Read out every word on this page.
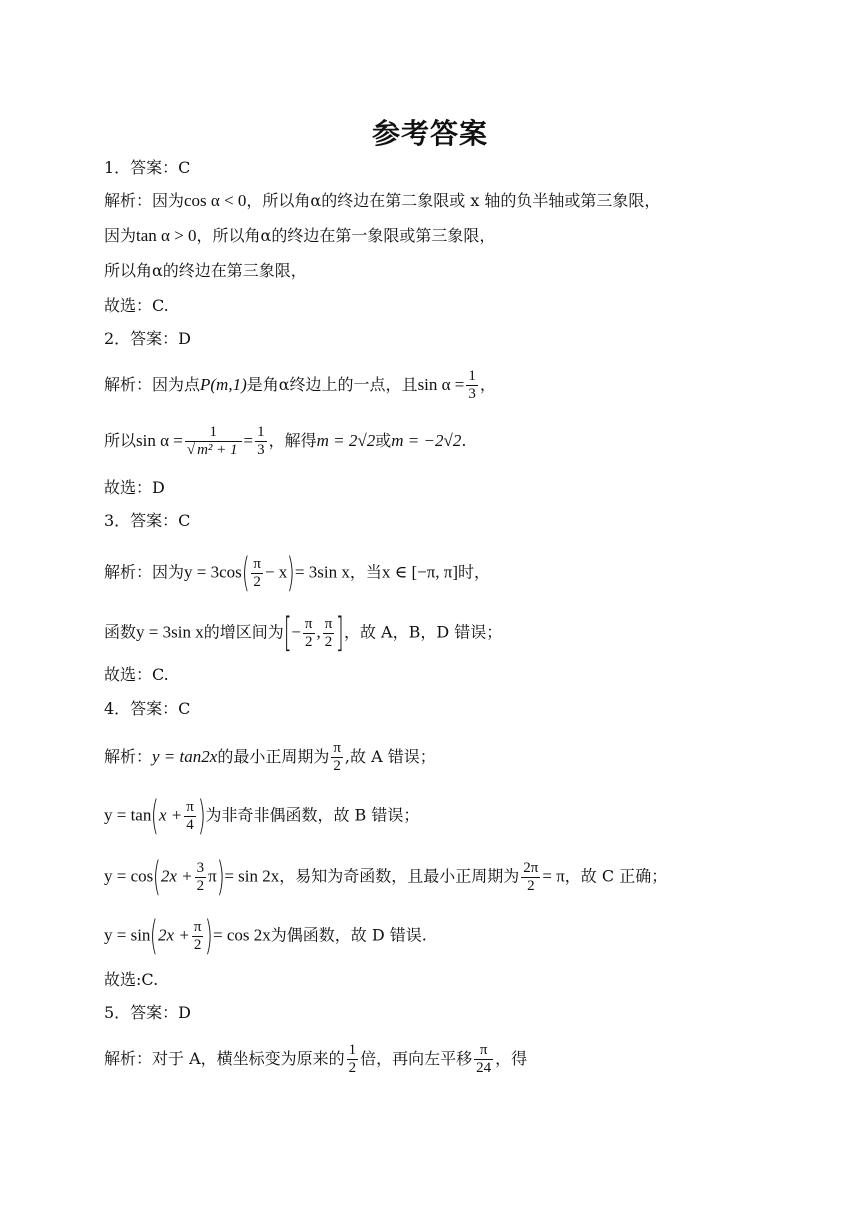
参考答案
1．答案：C
解析：因为cos α < 0，所以角α的终边在第二象限或 x 轴的负半轴或第三象限，
因为tan α > 0，所以角α的终边在第一象限或第三象限，
所以角α的终边在第三象限，
故选：C.
2．答案：D
解析：因为点P(m,1)是角α终边上的一点，且$\sin \alpha = \frac{1}{3}$ ，
所以$\sin \alpha = \frac{1}{\text{√ m² + 1}} = \frac{1}{3}$ ，解得m = 2√2或m = −2√2.
故选：D
3．答案：C
解析：因为$y = 3\cos( \frac{\pi}{2} - x)= 3\sin$ x，当x ∈ [−π, π]时，
函数y = 3sin x的增区间为[− $\frac{\pi}{2}$ , $\frac{\pi}{2}$ ]，故 A，B，D 错误；
故选：C.
4．答案：C
解析：y = tan2x的最小正周期为 $\frac{\pi}{2}$ ,故 A 错误；
$y = \tan(x + \frac{\pi}{4}$ )为非奇非偶函数，故 B 错误；
$y = \cos(2x + \frac{3}{2} \pi)= \sin 2x$，易知为奇函数，且最小正周期为 $\frac{2\pi}{2} = \pi$，故 C 正确；
$y = \sin(2x + \frac{\pi}{2}$ )= cos 2x为偶函数，故 D 错误.
故选:C.
5．答案：D
解析：对于 A，横坐标变为原来的 $\frac{1}{2}$ 倍，再向左平移 $\frac{\pi}{24}$ ，得
